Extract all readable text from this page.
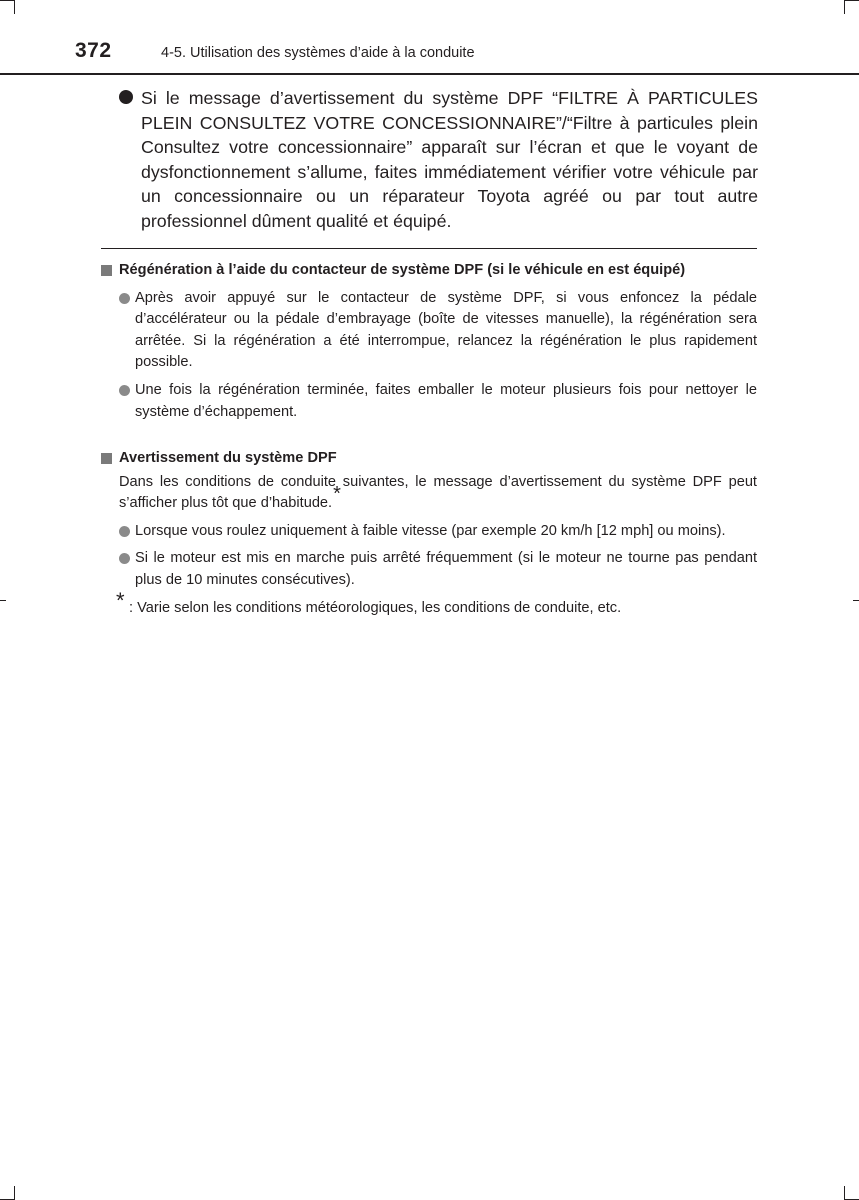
372	4-5. Utilisation des systèmes d’aide à la conduite

Si le message d’avertissement du système DPF “FILTRE À PARTICULES PLEIN CONSULTEZ VOTRE CONCESSIONNAIRE”/“Filtre à particules plein Consultez votre concessionnaire” apparaît sur l’écran et que le voyant de dysfonctionnement s’allume, faites immédiatement vérifier votre véhicule par un concessionnaire ou un réparateur Toyota agréé ou par tout autre professionnel dûment qualité et équipé.

Régénération à l’aide du contacteur de système DPF (si le véhicule en est équipé)

Après avoir appuyé sur le contacteur de système DPF, si vous enfoncez la pédale d’accélérateur ou la pédale d’embrayage (boîte de vitesses manuelle), la régénération sera arrêtée. Si la régénération a été interrompue, relancez la régénération le plus rapidement possible.

Une fois la régénération terminée, faites emballer le moteur plusieurs fois pour nettoyer le système d’échappement.

Avertissement du système DPF

Dans les conditions de conduite suivantes, le message d’avertissement du système DPF peut s’afficher plus tôt que d’habitude.*

Lorsque vous roulez uniquement à faible vitesse (par exemple 20 km/h [12 mph] ou moins).

Si le moteur est mis en marche puis arrêté fréquemment (si le moteur ne tourne pas pendant plus de 10 minutes consécutives).

* : Varie selon les conditions météorologiques, les conditions de conduite, etc.
